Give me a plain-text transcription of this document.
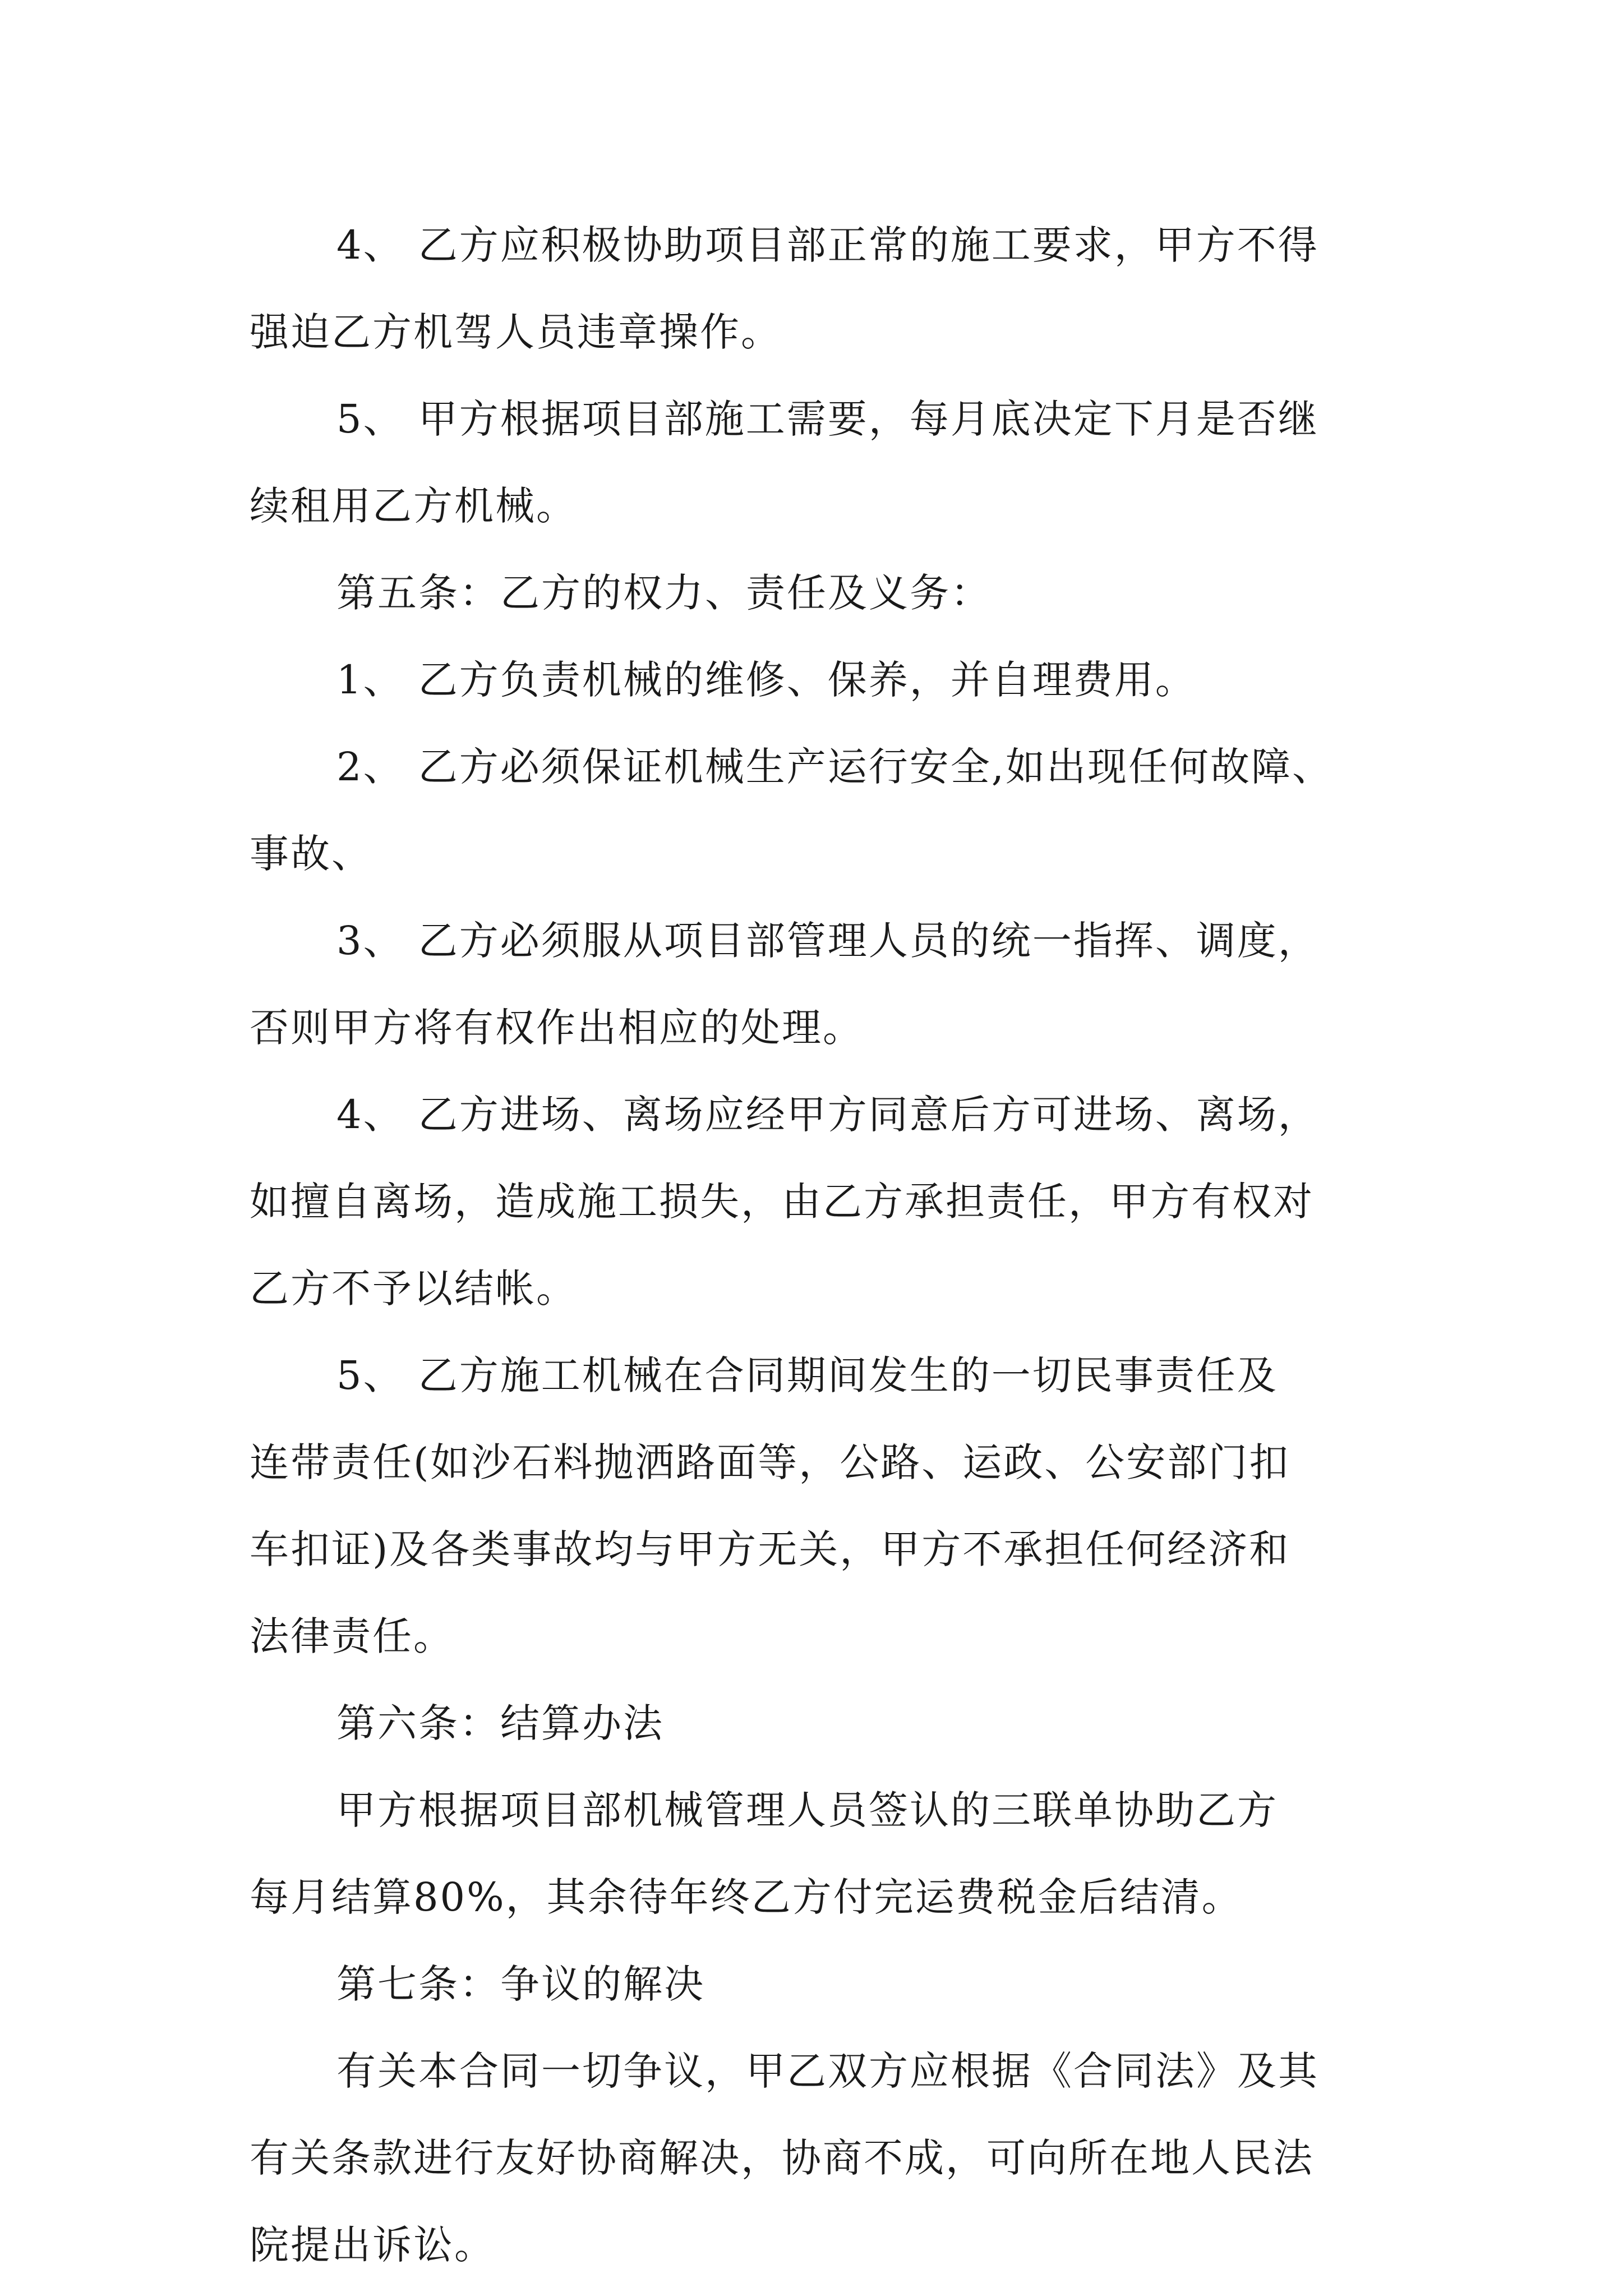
4、 乙方应积极协助项目部正常的施工要求，甲方不得
强迫乙方机驾人员违章操作。
5、 甲方根据项目部施工需要，每月底决定下月是否继
续租用乙方机械。
第五条：乙方的权力、责任及义务：
1、 乙方负责机械的维修、保养，并自理费用。
2、 乙方必须保证机械生产运行安全,如出现任何故障、
事故、
3、 乙方必须服从项目部管理人员的统一指挥、调度，
否则甲方将有权作出相应的处理。
4、 乙方进场、离场应经甲方同意后方可进场、离场，
如擅自离场，造成施工损失，由乙方承担责任，甲方有权对
乙方不予以结帐。
5、 乙方施工机械在合同期间发生的一切民事责任及
连带责任(如沙石料抛洒路面等，公路、运政、公安部门扣
车扣证)及各类事故均与甲方无关，甲方不承担任何经济和
法律责任。
第六条：结算办法
甲方根据项目部机械管理人员签认的三联单协助乙方
每月结算80%，其余待年终乙方付完运费税金后结清。
第七条：争议的解决
有关本合同一切争议，甲乙双方应根据《合同法》及其
有关条款进行友好协商解决，协商不成，可向所在地人民法
院提出诉讼。
